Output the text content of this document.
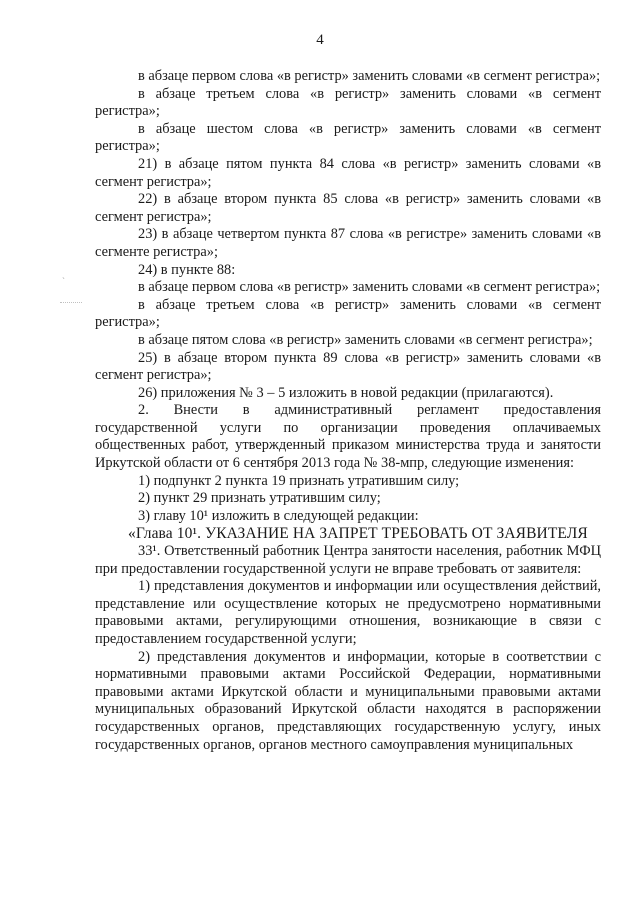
4
`

в абзаце первом слова «в регистр» заменить словами «в сегмент регистра»;

в абзаце третьем слова «в регистр» заменить словами «в сегмент регистра»;

в абзаце шестом слова «в регистр» заменить словами «в сегмент регистра»;

21) в абзаце пятом пункта 84 слова «в регистр» заменить словами «в сегмент регистра»;

22) в абзаце втором пункта 85 слова «в регистр» заменить словами «в сегмент регистра»;

23) в абзаце четвертом пункта 87 слова «в регистре» заменить словами «в сегменте регистра»;

24) в пункте 88:

в абзаце первом слова «в регистр» заменить словами «в сегмент регистра»;

в абзаце третьем слова «в регистр» заменить словами «в сегмент регистра»;

в абзаце пятом слова «в регистр» заменить словами «в сегмент регистра»;

25) в абзаце втором пункта 89 слова «в регистр» заменить словами «в сегмент регистра»;

26) приложения № 3 – 5 изложить в новой редакции (прилагаются).

2. Внести в административный регламент предоставления государственной услуги по организации проведения оплачиваемых общественных работ, утвержденный приказом министерства труда и занятости Иркутской области от 6 сентября 2013 года № 38-мпр, следующие изменения:

1) подпункт 2 пункта 19 признать утратившим силу;

2) пункт 29 признать утратившим силу;

3) главу 10¹ изложить в следующей редакции:

«Глава 10¹. УКАЗАНИЕ НА ЗАПРЕТ ТРЕБОВАТЬ ОТ ЗАЯВИТЕЛЯ

33¹. Ответственный работник Центра занятости населения, работник МФЦ при предоставлении государственной услуги не вправе требовать от заявителя:

1) представления документов и информации или осуществления действий, представление или осуществление которых не предусмотрено нормативными правовыми актами, регулирующими отношения, возникающие в связи с предоставлением государственной услуги;

2) представления документов и информации, которые в соответствии с нормативными правовыми актами Российской Федерации, нормативными правовыми актами Иркутской области и муниципальными правовыми актами муниципальных образований Иркутской области находятся в распоряжении государственных органов, представляющих государственную услугу, иных государственных органов, органов местного самоуправления муниципальных
